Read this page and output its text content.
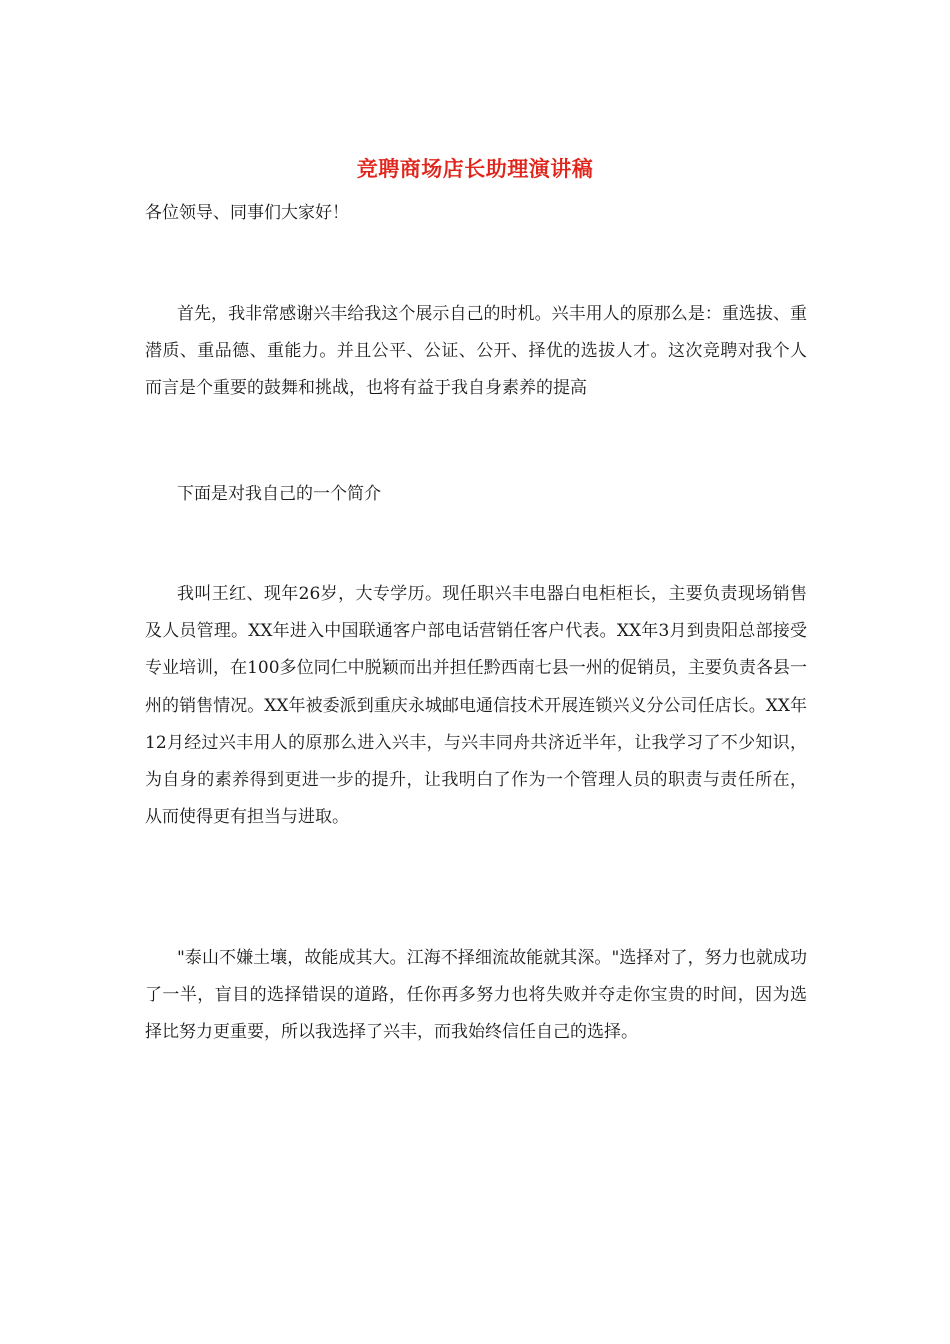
竞聘商场店长助理演讲稿
各位领导、同事们大家好！

首先，我非常感谢兴丰给我这个展示自己的时机。兴丰用人的原那么是：重选拔、重潜质、重品德、重能力。并且公平、公证、公开、择优的选拔人才。这次竞聘对我个人而言是个重要的鼓舞和挑战，也将有益于我自身素养的提高

下面是对我自己的一个简介

我叫王红、现年26岁，大专学历。现任职兴丰电器白电柜柜长，主要负责现场销售及人员管理。XX年进入中国联通客户部电话营销任客户代表。XX年3月到贵阳总部接受专业培训，在100多位同仁中脱颖而出并担任黔西南七县一州的促销员，主要负责各县一州的销售情况。XX年被委派到重庆永城邮电通信技术开展连锁兴义分公司任店长。XX年12月经过兴丰用人的原那么进入兴丰，与兴丰同舟共济近半年，让我学习了不少知识，为自身的素养得到更进一步的提升，让我明白了作为一个管理人员的职责与责任所在，从而使得更有担当与进取。

"泰山不嫌土壤，故能成其大。江海不择细流故能就其深。"选择对了，努力也就成功了一半，盲目的选择错误的道路，任你再多努力也将失败并夺走你宝贵的时间，因为选择比努力更重要，所以我选择了兴丰，而我始终信任自己的选择。
